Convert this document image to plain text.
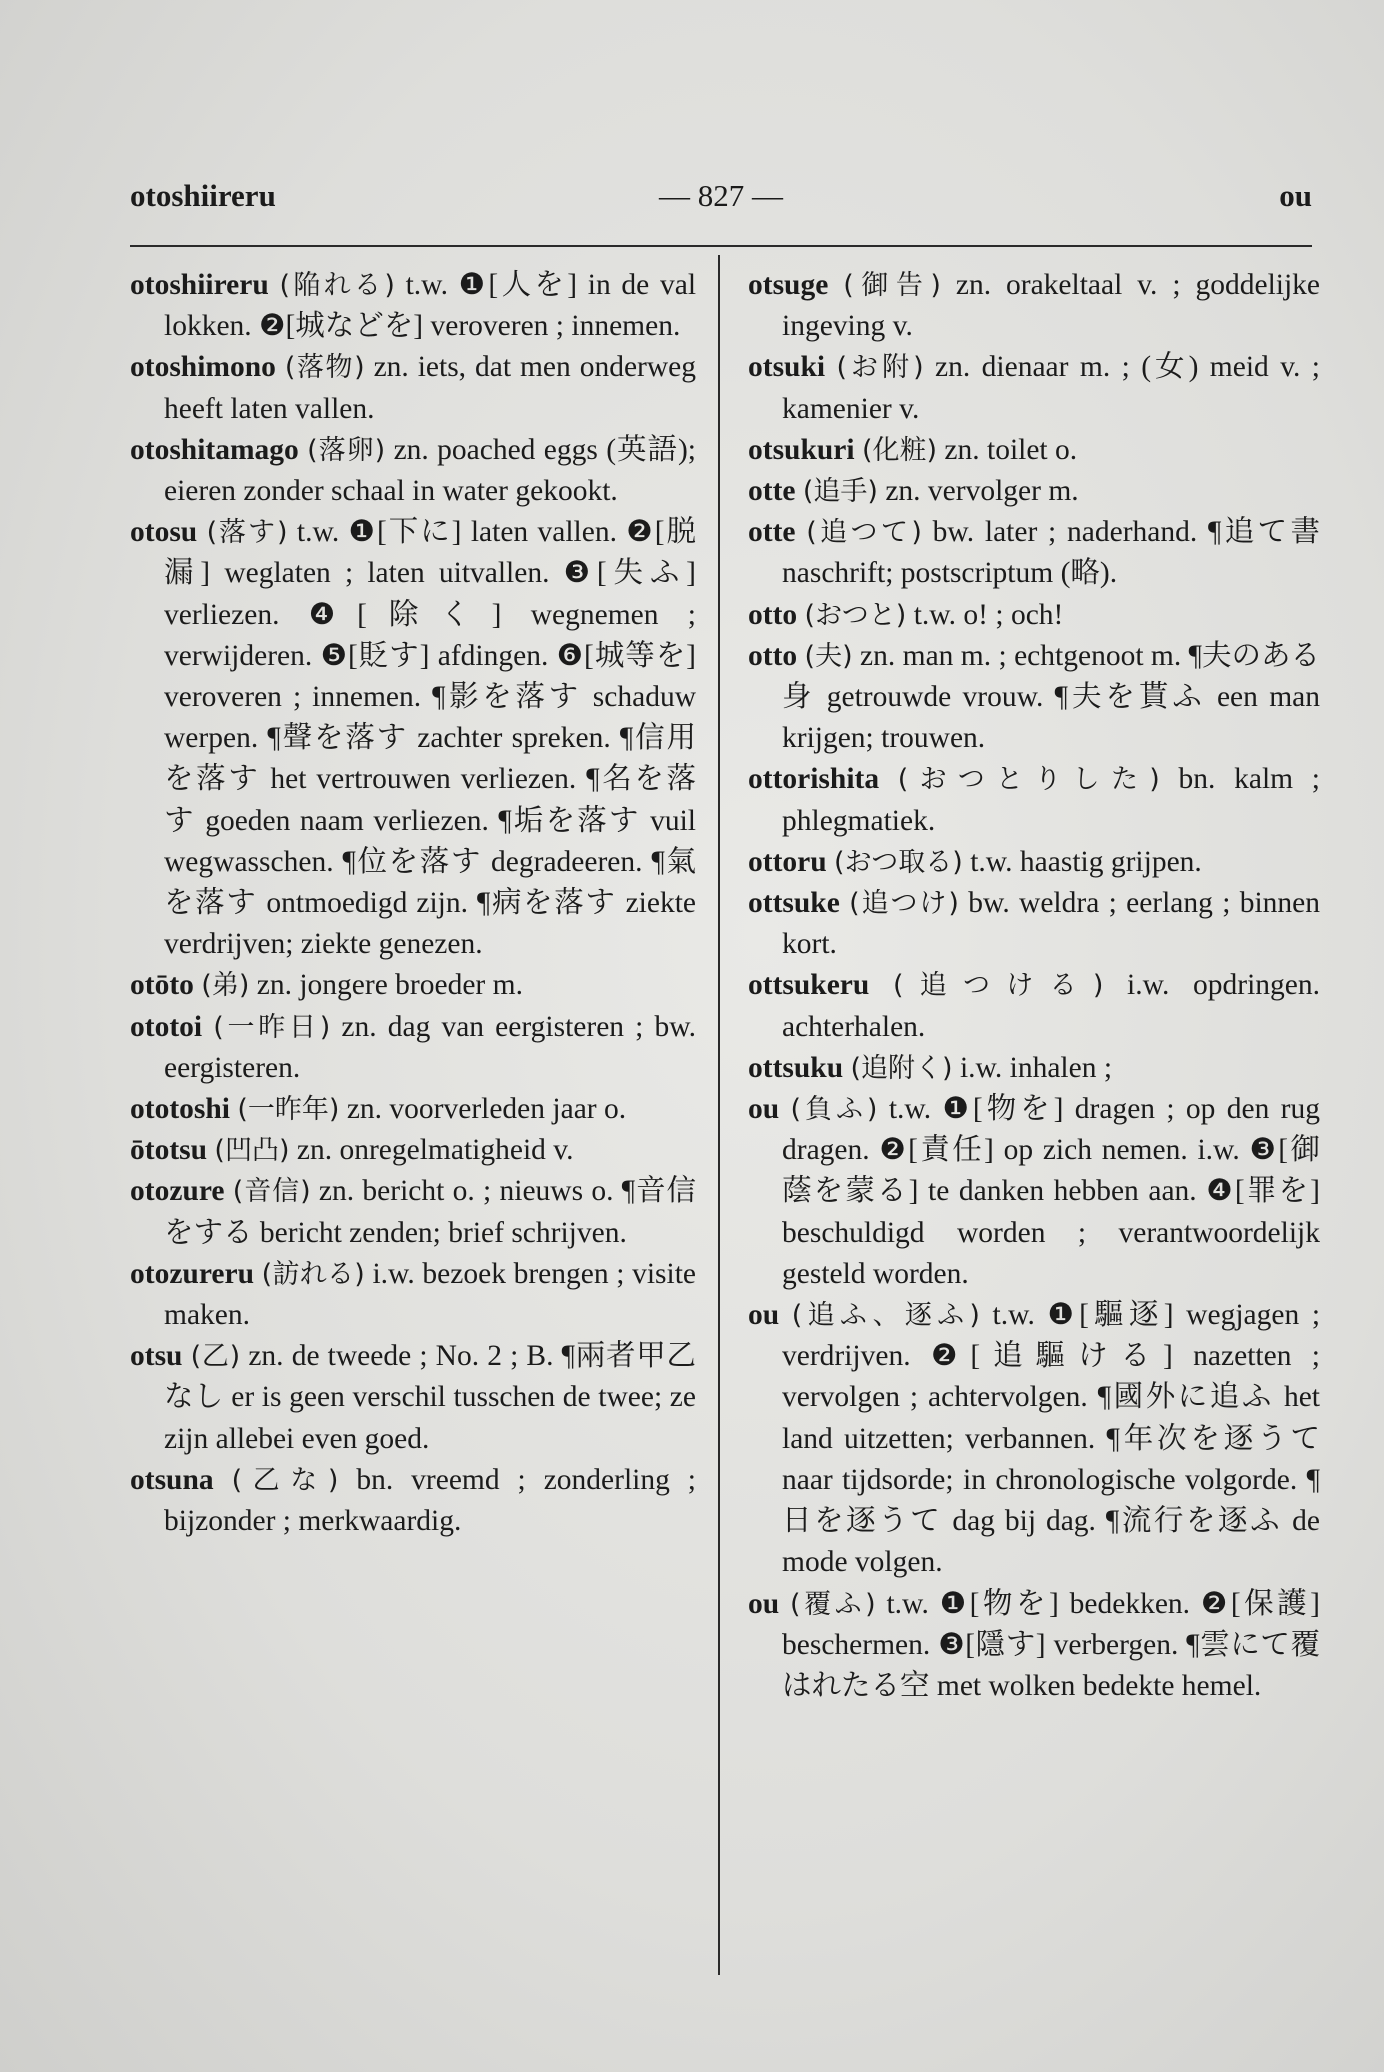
otoshiireru	— 827 —	ou

otoshiireru (陥れる) t.w. ❶[人を] in de val lokken. ❷[城などを] veroveren ; innemen.

otoshimono (落物) zn. iets, dat men onderweg heeft laten vallen.

otoshitamago (落卵) zn. poached eggs (英語); eieren zonder schaal in water gekookt.

otosu (落す) t.w. ❶[下に] laten vallen. ❷[脱漏] weglaten ; laten uitvallen. ❸[失ふ] verliezen. ❹[除く] wegnemen ; verwijderen. ❺[貶す] afdingen. ❻[城等を] veroveren ; innemen. ¶影を落す schaduw werpen. ¶聲を落す zachter spreken. ¶信用を落す het vertrouwen verliezen. ¶名を落す goeden naam verliezen. ¶垢を落す vuil wegwasschen. ¶位を落す degradeeren. ¶氣を落す ontmoedigd zijn. ¶病を落す ziekte verdrijven; ziekte genezen.

otōto (弟) zn. jongere broeder m.

ototoi (一昨日) zn. dag van eergisteren ; bw. eergisteren.

ototoshi (一昨年) zn. voorverleden jaar o.

ōtotsu (凹凸) zn. onregelmatigheid v.

otozure (音信) zn. bericht o. ; nieuws o. ¶音信をする bericht zenden; brief schrijven.

otozureru (訪れる) i.w. bezoek brengen ; visite maken.

otsu (乙) zn. de tweede ; No. 2 ; B. ¶兩者甲乙なし er is geen verschil tusschen de twee; ze zijn allebei even goed.

otsuna (乙な) bn. vreemd ; zonderling ; bijzonder ; merkwaardig.

otsuge (御告) zn. orakeltaal v. ; goddelijke ingeving v.

otsuki (お附) zn. dienaar m. ; (女) meid v. ; kamenier v.

otsukuri (化粧) zn. toilet o.

otte (追手) zn. vervolger m.

otte (追つて) bw. later ; naderhand. ¶追て書 naschrift; postscriptum (略).

otto (おつと) t.w. o! ; och!

otto (夫) zn. man m. ; echtgenoot m. ¶夫のある身 getrouwde vrouw. ¶夫を貰ふ een man krijgen; trouwen.

ottorishita (おつとりした) bn. kalm ; phlegmatiek.

ottoru (おつ取る) t.w. haastig grijpen.

ottsuke (追つけ) bw. weldra ; eerlang ; binnen kort.

ottsukeru (追つける) i.w. opdringen. achterhalen.

ottsuku (追附く) i.w. inhalen ;

ou (負ふ) t.w. ❶[物を] dragen ; op den rug dragen. ❷[責任] op zich nemen. i.w. ❸[御蔭を蒙る] te danken hebben aan. ❹[罪を] beschuldigd worden ; verantwoordelijk gesteld worden.

ou (追ふ、逐ふ) t.w. ❶[驅逐] wegjagen ; verdrijven. ❷[追驅ける] nazetten ; vervolgen ; achtervolgen. ¶國外に追ふ het land uitzetten; verbannen. ¶年次を逐うて naar tijdsorde; in chronologische volgorde. ¶日を逐うて dag bij dag. ¶流行を逐ふ de mode volgen.

ou (覆ふ) t.w. ❶[物を] bedekken. ❷[保護] beschermen. ❸[隱す] verbergen. ¶雲にて覆はれたる空 met wolken bedekte hemel.
